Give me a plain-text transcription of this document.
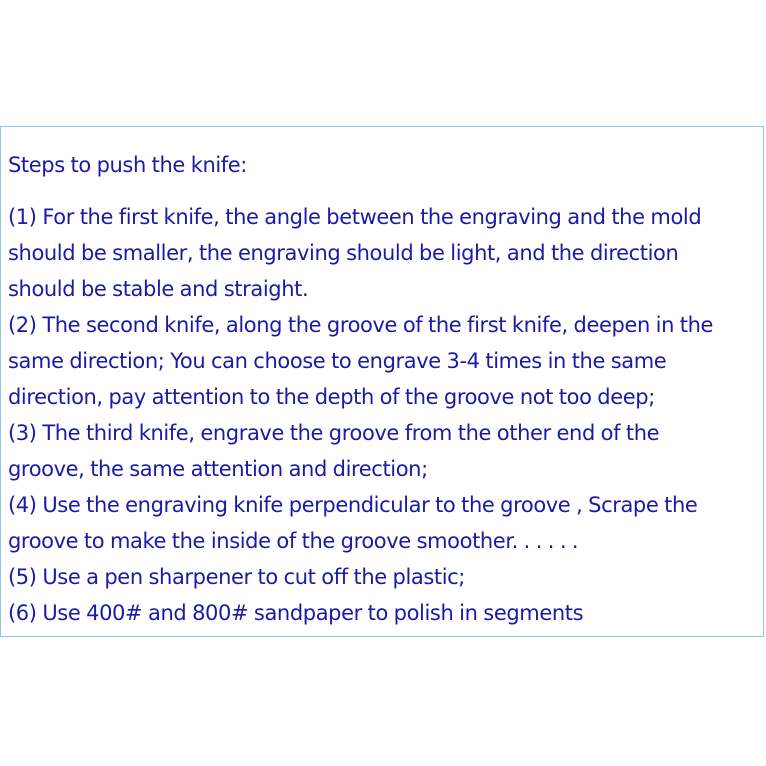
Steps to push the knife:
(1) For the first knife, the angle between the engraving and the mold
should be smaller, the engraving should be light, and the direction
should be stable and straight.
(2) The second knife, along the groove of the first knife, deepen in the
same direction; You can choose to engrave 3-4 times in the same
direction, pay attention to the depth of the groove not too deep;
(3) The third knife, engrave the groove from the other end of the
groove, the same attention and direction;
(4) Use the engraving knife perpendicular to the groove , Scrape the
groove to make the inside of the groove smoother. . . . . .
(5) Use a pen sharpener to cut off the plastic;
(6) Use 400# and 800# sandpaper to polish in segments
